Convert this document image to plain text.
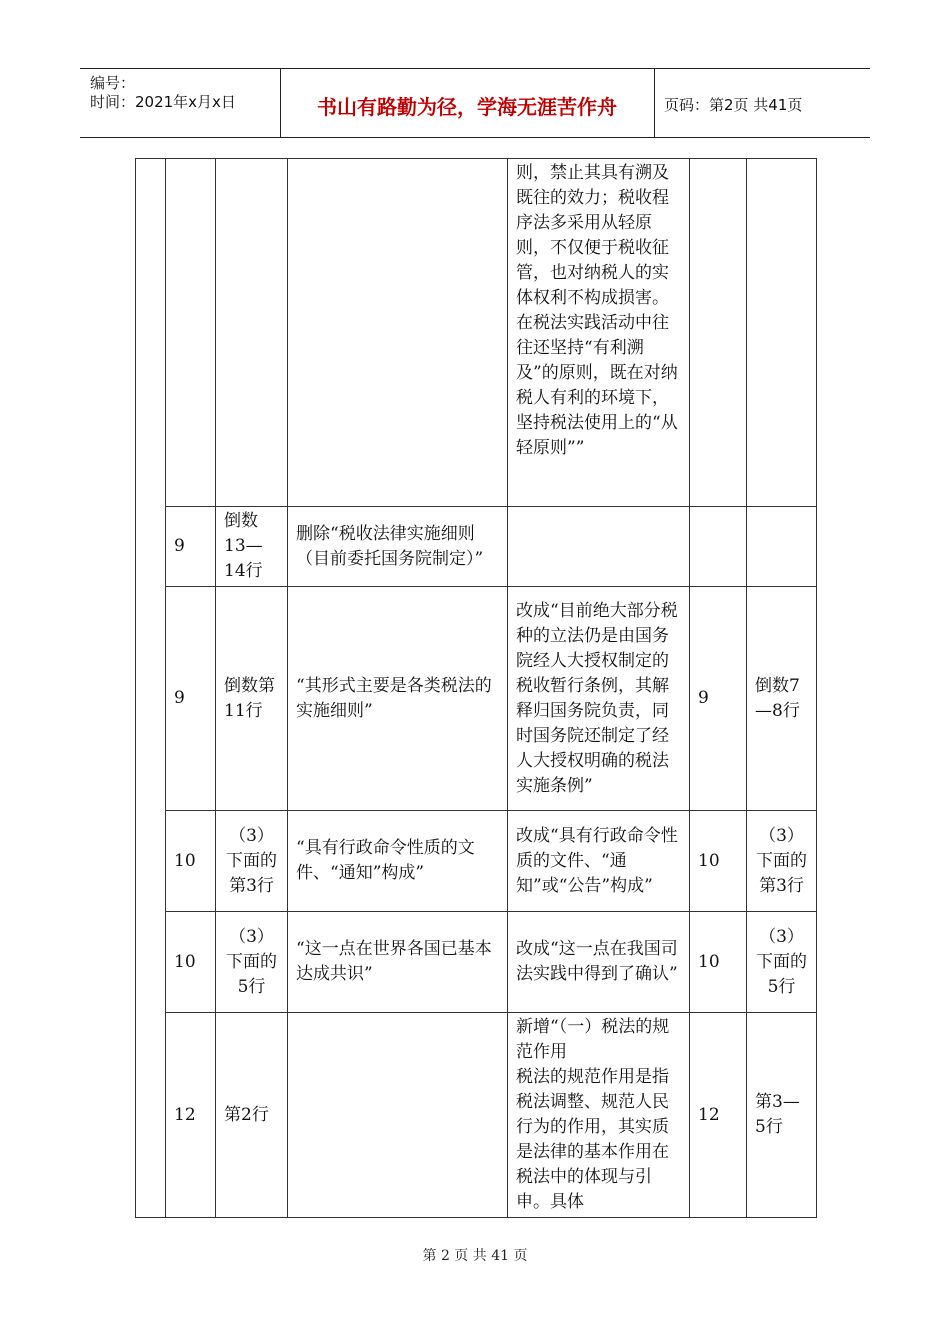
编号：
时间：2021年x月x日	书山有路勤为径，学海无涯苦作舟	页码：第2页 共41页
				则，禁止其具有溯及既往的效力；税收程序法多采用从轻原则，不仅便于税收征管，也对纳税人的实体权利不构成损害。在税法实践活动中往往还坚持“有利溯及”的原则，既在对纳税人有利的环境下，坚持税法使用上的“从轻原则””		
	9	倒数13—14行	删除“税收法律实施细则（目前委托国务院制定）”			
	9	倒数第11行	“其形式主要是各类税法的实施细则”	改成“目前绝大部分税种的立法仍是由国务院经人大授权制定的税收暂行条例，其解释归国务院负责，同时国务院还制定了经人大授权明确的税法实施条例”	9	倒数7—8行
	10	（3）下面的第3行	“具有行政命令性质的文件、“通知”构成”	改成“具有行政命令性质的文件、“通知”或“公告”构成”	10	（3）下面的第3行
	10	（3）下面的5行	“这一点在世界各国已基本达成共识”	改成“这一点在我国司法实践中得到了确认”	10	（3）下面的5行
	12	第2行		新增“（一）税法的规范作用
税法的规范作用是指税法调整、规范人民行为的作用，其实质是法律的基本作用在税法中的体现与引申。具体	12	第3—5行
第 2 页 共 41 页
